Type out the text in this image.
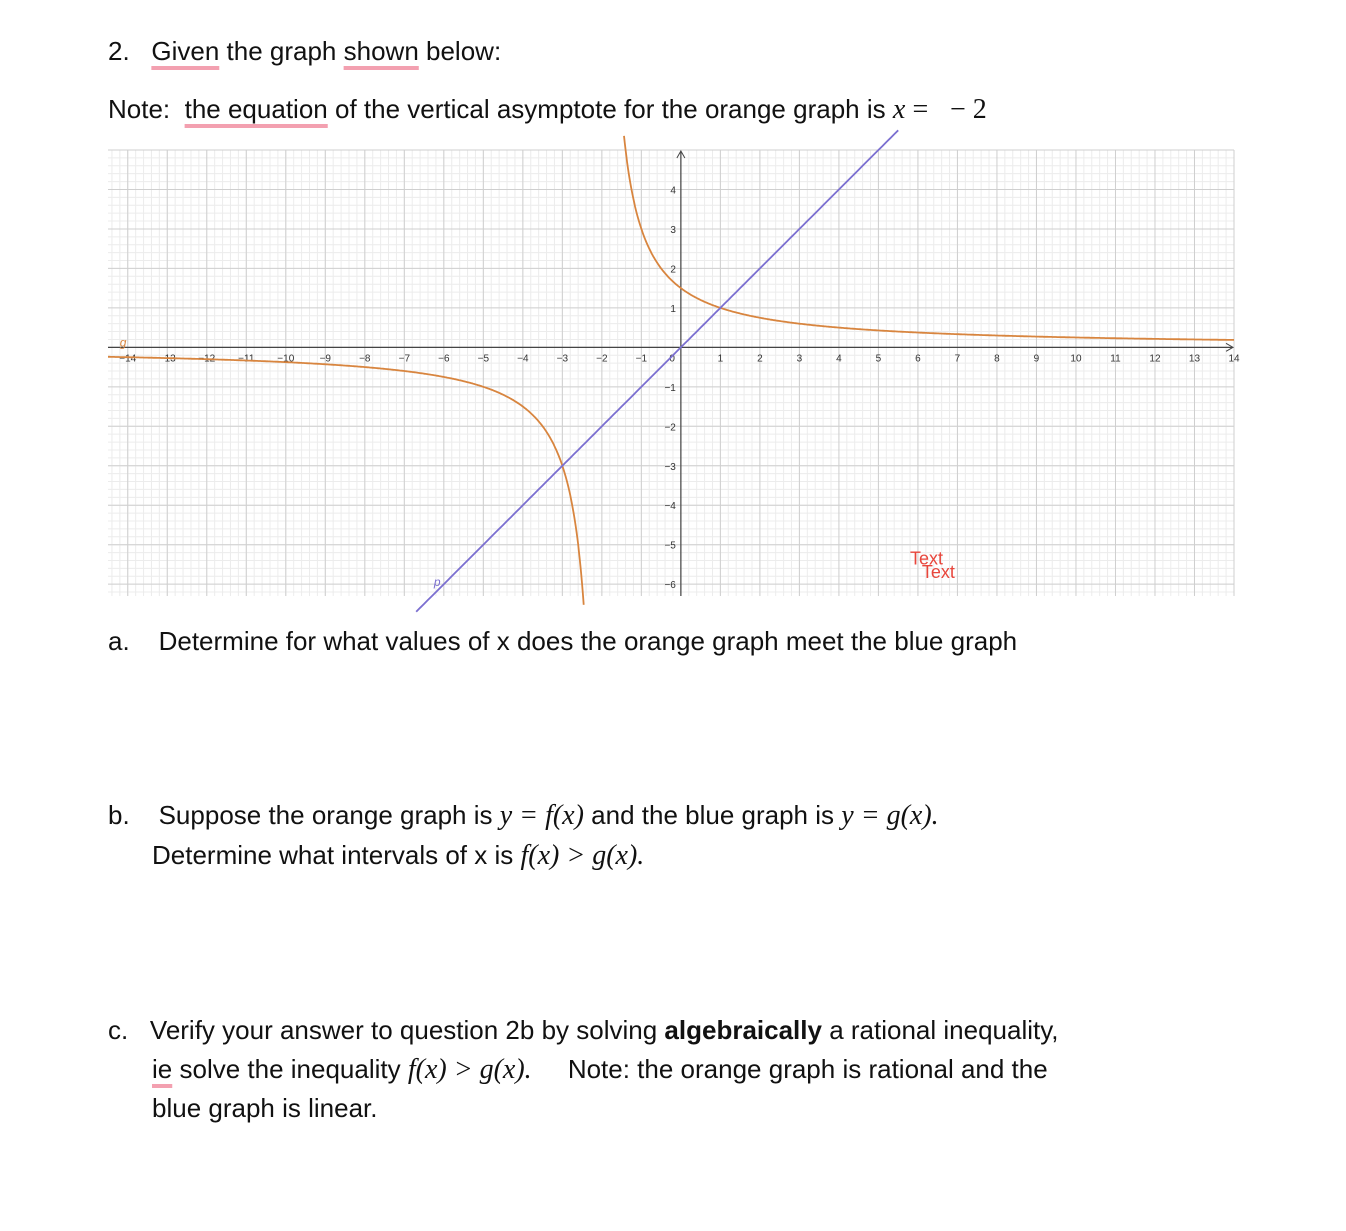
2. Given the graph shown below:
Note: the equation of the vertical asymptote for the orange graph is x = − 2
−14 −13 −12 −11 −10	−9	−8	−7	−6	−5	−4	−3	−2	−1	1	2	3	4	5	6	7	8	9	10	11	12	13	14
−6
−5
−4
−3
−2
−1
1
2
3
4
0
g
p
Text
Text
a. Determine for what values of x does the orange graph meet the blue graph
b. Suppose the orange graph is y = f(x) and the blue graph is y = g(x).
Determine what intervals of x is f(x) > g(x).
c. Verify your answer to question 2b by solving algebraically a rational inequality,
ie solve the inequality f(x) > g(x). Note: the orange graph is rational and the
blue graph is linear.
